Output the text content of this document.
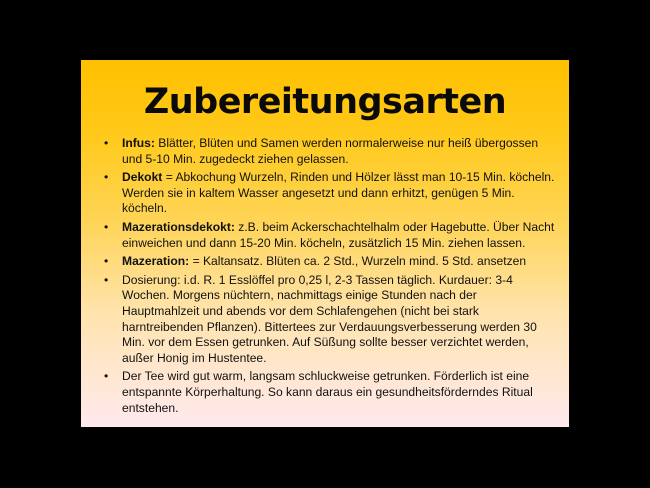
Zubereitungsarten
• Infus: Blätter, Blüten und Samen werden normalerweise nur heiß übergossen und 5-10 Min. zugedeckt ziehen gelassen.
• Dekokt = Abkochung Wurzeln, Rinden und Hölzer lässt man 10-15 Min. köcheln. Werden sie in kaltem Wasser angesetzt und dann erhitzt, genügen 5 Min. köcheln.
• Mazerationsdekokt: z.B. beim Ackerschachtelhalm oder Hagebutte. Über Nacht einweichen und dann 15-20 Min. köcheln, zusätzlich 15 Min. ziehen lassen.
• Mazeration: = Kaltansatz. Blüten ca. 2 Std., Wurzeln mind. 5 Std. ansetzen
• Dosierung: i.d. R. 1 Esslöffel pro 0,25 l, 2-3 Tassen täglich. Kurdauer: 3-4 Wochen. Morgens nüchtern, nachmittags einige Stunden nach der Hauptmahlzeit und abends vor dem Schlafengehen (nicht bei stark harntreibenden Pflanzen). Bittertees zur Verdauungsverbesserung werden 30 Min. vor dem Essen getrunken. Auf Süßung sollte besser verzichtet werden, außer Honig im Hustentee.
• Der Tee wird gut warm, langsam schluckweise getrunken. Förderlich ist eine entspannte Körperhaltung. So kann daraus ein gesundheitsförderndes Ritual entstehen.
